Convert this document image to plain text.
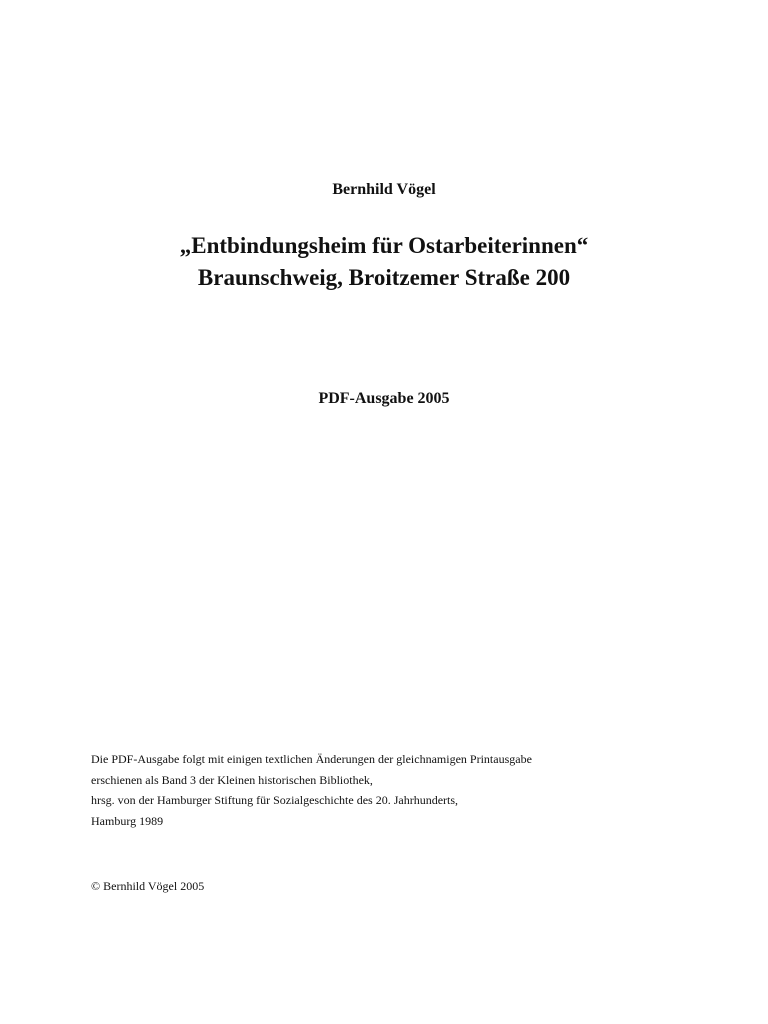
Bernhild Vögel
„Entbindungsheim für Ostarbeiterinnen“
Braunschweig, Broitzemer Straße 200
PDF-Ausgabe 2005
Die PDF-Ausgabe folgt mit einigen textlichen Änderungen der gleichnamigen Printausgabe
erschienen als Band 3 der Kleinen historischen Bibliothek,
hrsg. von der Hamburger Stiftung für Sozialgeschichte des 20. Jahrhunderts,
Hamburg 1989
© Bernhild Vögel 2005
